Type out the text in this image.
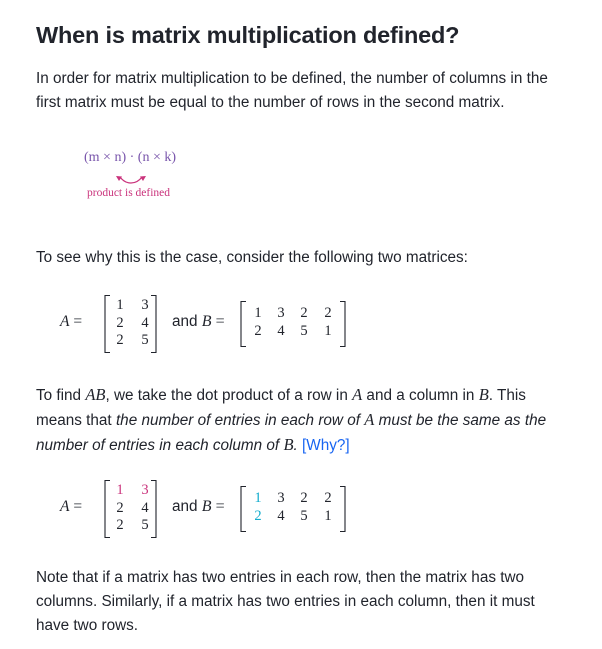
When is matrix multiplication defined?

In order for matrix multiplication to be defined, the number of columns in the

first matrix must be equal to the number of rows in the second matrix.

(m × n) · (n × k)
product is defined

To see why this is the case, consider the following two matrices:

A =
1 3
2 4
2 5
and B = 1 3 2 2
2 4 5 1

To find AB, we take the dot product of a row in A and a column in B. This

means that the number of entries in each row of A must be the same as the

number of entries in each column of B. [Why?]

A =
1 3
2 4
2 5
and B = 1 3 2 2
2 4 5 1

Note that if a matrix has two entries in each row, then the matrix has two

columns. Similarly, if a matrix has two entries in each column, then it must

have two rows.
